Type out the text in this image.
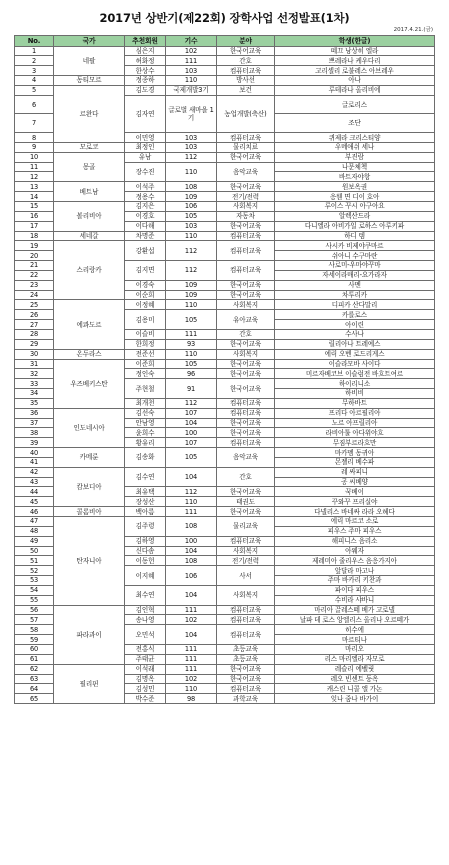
2017년 상반기(제22회) 장학사업 선정발표(1차)
2017.4.21.(금)
No.	국가	추천회원	기수	분야	학생(한글)
1	네팔	심은지	102	한국어교육	떼끄 낭상히 엘라
2		허화정	111	간호	쁘레라나 케우다리
3		한상수	103	컴퓨터교육	고리셸리 로불레스 아브레우
4	동티모르	정종하	110	방사선	아나
5	르완다	김도경	국제개발3기	보건	루테라나 올리비에
6		김자연	글로벌 새마을 1기	농업개발(축산)	글로리스
7					조단
8		이민영	103	컴퓨터교육	퀴제라 크리스티양
9	모로코	최정인	103	물리치료	우메애쉬 세나
10	몽골	유남	112	한국어교육	부진람
11		장수진	110	음악교육	나문체첵
12					바트자야항
13	베트남	이석주	108	한국어교육	원보옥권
14		정용수	109	전기/전력	응웬 면 디이 호아
15	볼리비아	김지은	106	사회복지	루이스 꾸시 아구아요
16		이경호	105	자동차	알렉산드라
17		이다해	103	한국어교육	다니엘라 아비가일 로하스 아루키파
18	세네갈	차명준	110	컴퓨터교육	하디 템
19	스리랑카	강환섭	112	컴퓨터교육	사시카 비제야쿠마르
20					쉬아니 수구마란
21		김지면	112	컴퓨터교육	사로미-우마야꾸마
22					자세이라매리-요가라자
23		이경숙	109	한국어교육	사멘
24		이순희	109	한국어교육	차투리카
25	에콰도르	이정혜	110	사회복지	디피카 산다말리
26		김용미	105	유아교육	카를로스
27					아이린
28		이슬비	111	간호	수사나
29		한희정	93	한국어교육	릴리아나 트레예스
30	온두라스	전준선	110	사회복지	에릭 오벤 로드리게스
31	우즈베키스탄	이준희	105	한국어교육	이슬라모바 사이다
32		정인숙	96	한국어교육	미르자베코브 이슬럼전 바흐트여르
33		주현철	91	한국어교육	하이리니소
34					하비비
35		최개천	112	컴퓨터교육	무하바트
36	인도네시아	김선숙	107	컴퓨터교육	프리다 아르필리아
37		안남영	104	한국어교육	노르 아프릴리아
38		윤희수	100	한국어교육	라비아툴 아다위야흐
39		황유리	107	컴퓨터교육	무짐부르라흐만
40	카메룬	김송화	105	음악교육	마카멤 동귀아
41					몬젤리 베수파
42	캄보디아	김수연	104	간호	레 싸피니
43					공 씨베양
44		최유택	112	한국어교육	꾹베이
45		장성산	110	태권도	꾸와꾸 프리실야
46	콜롬비아	백아름	111	한국어교육	다넬리스 바네싸 라라 오헤다
47	탄자니아	김주령	108	물리교육	에릭 마르코 소로
48					피우스 주마 피우스
49		김하영	100	컴퓨터교육	해피니스 음리소
50		신다솜	104	사회복지	아웨자
51		이동헌	108	전기/전력	제레미아 줄리우스 음응가지아
52		이지혜	106	사서	앞달라 마고나
53					주마 바카리 키찬과
54		최수연	104	사회복지	파이다 피우스
55					수비라 샤바니
56	파라과이	김인혁	111	컴퓨터교육	마리아 끌레스떼 베가 고로넬
57		송나영	102	컴퓨터교육	날파 데 로스 앙엘리스 올리나 오르떼가
58		오민석	104	컴퓨터교육	히수에
59					마르티나
60		전홍식	111	초등교육	마리오
61		주태균	111	초등교육	리스 마리엘라 자모로
62	필리핀	이석래	111	한국어교육	레슬리 에벨릿
63		김명옥	102	한국어교육	레오 빈센트 둥옥
64		김성민	110	컴퓨터교육	캐스린 니콜 앨 가논
65		박수준	98	과학교육	잊나 줌나 바가이
